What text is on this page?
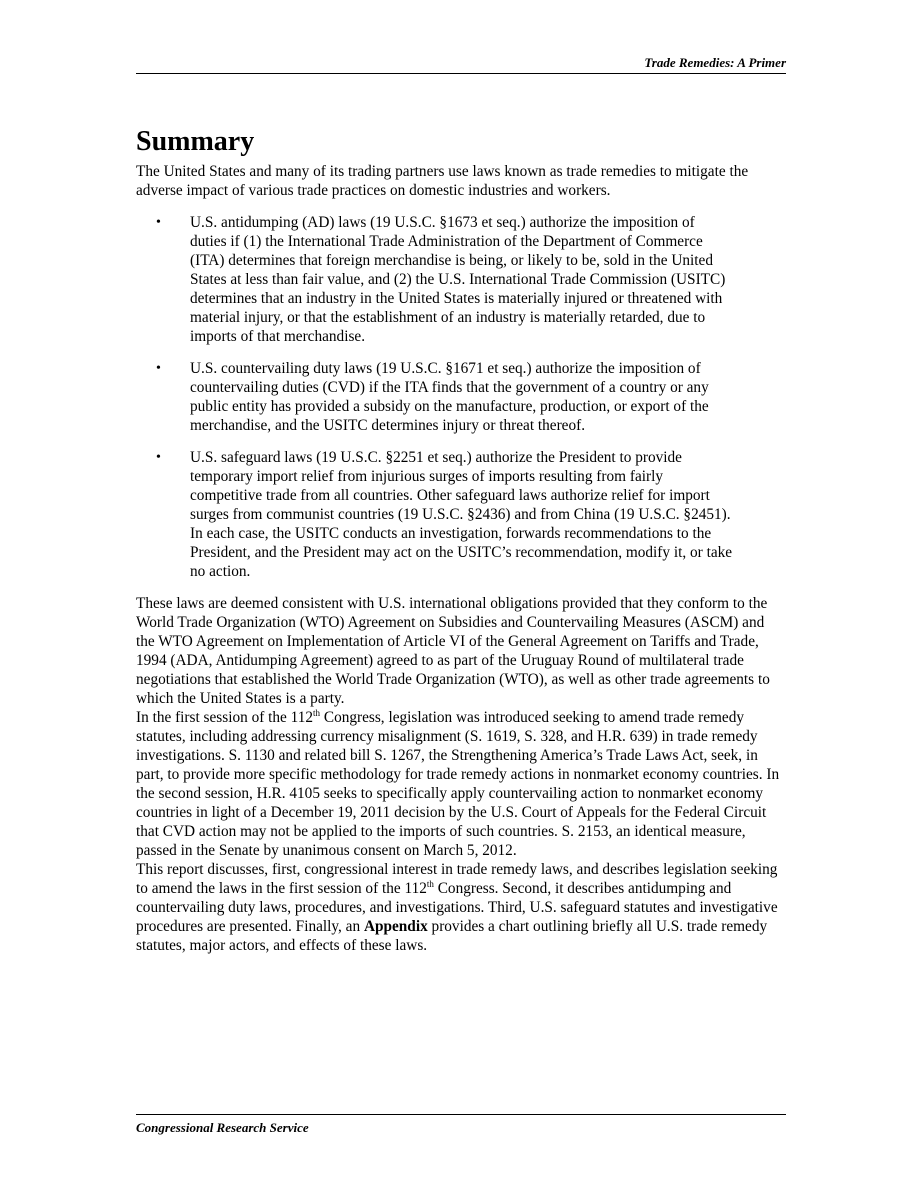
Trade Remedies: A Primer
Summary

The United States and many of its trading partners use laws known as trade remedies to mitigate the adverse impact of various trade practices on domestic industries and workers.

• U.S. antidumping (AD) laws (19 U.S.C. §1673 et seq.) authorize the imposition of duties if (1) the International Trade Administration of the Department of Commerce (ITA) determines that foreign merchandise is being, or likely to be, sold in the United States at less than fair value, and (2) the U.S. International Trade Commission (USITC) determines that an industry in the United States is materially injured or threatened with material injury, or that the establishment of an industry is materially retarded, due to imports of that merchandise.
• U.S. countervailing duty laws (19 U.S.C. §1671 et seq.) authorize the imposition of countervailing duties (CVD) if the ITA finds that the government of a country or any public entity has provided a subsidy on the manufacture, production, or export of the merchandise, and the USITC determines injury or threat thereof.
• U.S. safeguard laws (19 U.S.C. §2251 et seq.) authorize the President to provide temporary import relief from injurious surges of imports resulting from fairly competitive trade from all countries. Other safeguard laws authorize relief for import surges from communist countries (19 U.S.C. §2436) and from China (19 U.S.C. §2451). In each case, the USITC conducts an investigation, forwards recommendations to the President, and the President may act on the USITC’s recommendation, modify it, or take no action.

These laws are deemed consistent with U.S. international obligations provided that they conform to the World Trade Organization (WTO) Agreement on Subsidies and Countervailing Measures (ASCM) and the WTO Agreement on Implementation of Article VI of the General Agreement on Tariffs and Trade, 1994 (ADA, Antidumping Agreement) agreed to as part of the Uruguay Round of multilateral trade negotiations that established the World Trade Organization (WTO), as well as other trade agreements to which the United States is a party.

In the first session of the 112th Congress, legislation was introduced seeking to amend trade remedy statutes, including addressing currency misalignment (S. 1619, S. 328, and H.R. 639) in trade remedy investigations. S. 1130 and related bill S. 1267, the Strengthening America’s Trade Laws Act, seek, in part, to provide more specific methodology for trade remedy actions in nonmarket economy countries. In the second session, H.R. 4105 seeks to specifically apply countervailing action to nonmarket economy countries in light of a December 19, 2011 decision by the U.S. Court of Appeals for the Federal Circuit that CVD action may not be applied to the imports of such countries. S. 2153, an identical measure, passed in the Senate by unanimous consent on March 5, 2012.

This report discusses, first, congressional interest in trade remedy laws, and describes legislation seeking to amend the laws in the first session of the 112th Congress. Second, it describes antidumping and countervailing duty laws, procedures, and investigations. Third, U.S. safeguard statutes and investigative procedures are presented. Finally, an Appendix provides a chart outlining briefly all U.S. trade remedy statutes, major actors, and effects of these laws.

Congressional Research Service
